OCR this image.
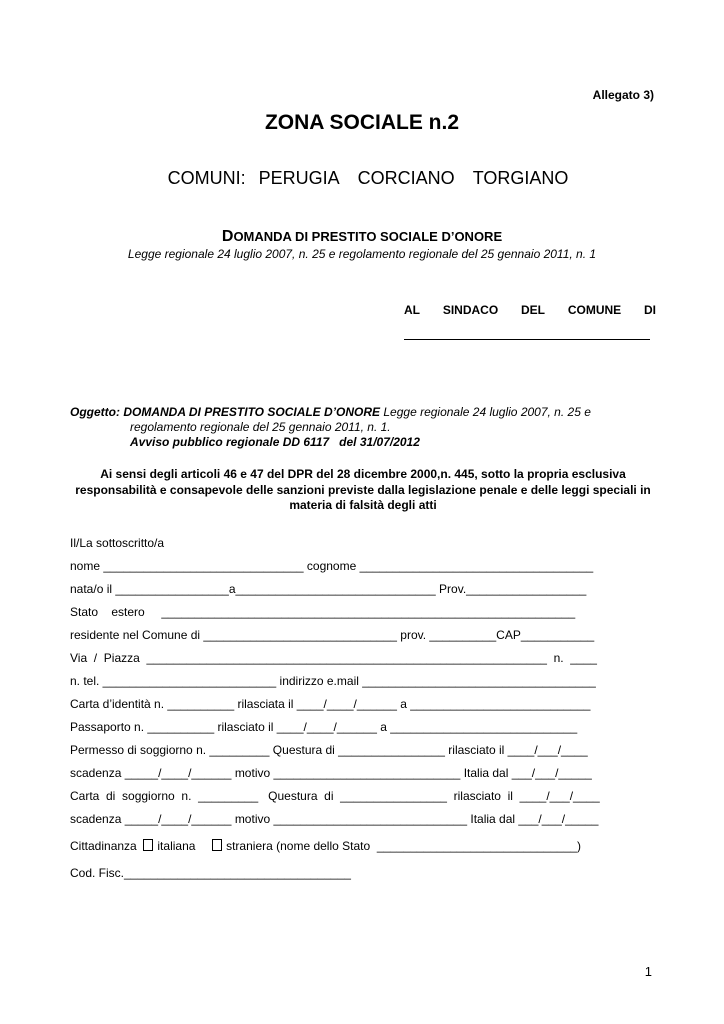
Allegato 3)
ZONA SOCIALE n.2

COMUNI: PERUGIA CORCIANO TORGIANO

DOMANDA DI PRESTITO SOCIALE D’ONORE
Legge regionale 24 luglio 2007, n. 25 e regolamento regionale del 25 gennaio 2011, n. 1
AL SINDACO DEL COMUNE DI
Oggetto: DOMANDA DI PRESTITO SOCIALE D’ONORE Legge regionale 24 luglio 2007, n. 25 e
regolamento regionale del 25 gennaio 2011, n. 1.
Avviso pubblico regionale DD 6117   del 31/07/2012
Ai sensi degli articoli 46 e 47 del DPR del 28 dicembre 2000,n. 445, sotto la propria esclusiva responsabilità e consapevole delle sanzioni previste dalla legislazione penale e delle leggi speciali in materia di falsità degli atti
Il/La sottoscritto/a
nome ______________________________ cognome ___________________________________
nata/o il _________________a______________________________ Prov.__________________
Stato    estero     ______________________________________________________________
residente nel Comune di _____________________________ prov. __________CAP___________
Via  /  Piazza  ____________________________________________________________  n.  ____
n. tel. __________________________ indirizzo e.mail ___________________________________
Carta d’identità n. __________ rilasciata il ____/____/______ a ___________________________
Passaporto n. __________ rilasciato il ____/____/______ a ____________________________
Permesso di soggiorno n. _________ Questura di ________________ rilasciato il ____/___/____
scadenza _____/____/______ motivo ____________________________ Italia dal ___/___/_____
Carta  di  soggiorno  n.  _________   Questura  di  ________________  rilasciato  il  ____/___/____
scadenza _____/____/______ motivo _____________________________ Italia dal ___/___/_____
Cittadinanza italiana	straniera (nome dello Stato  ______________________________)
Cod. Fisc.__________________________________
1
